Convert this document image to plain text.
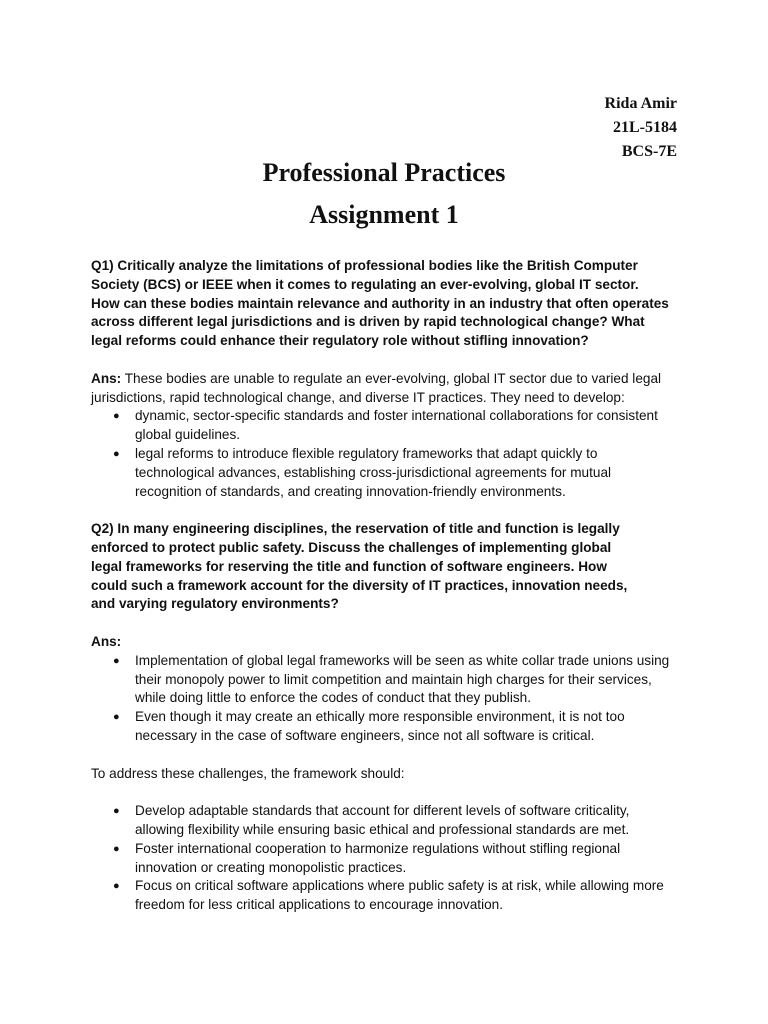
Rida Amir
21L-5184
BCS-7E
Professional Practices
Assignment 1

Q1) Critically analyze the limitations of professional bodies like the British Computer
Society (BCS) or IEEE when it comes to regulating an ever-evolving, global IT sector.
How can these bodies maintain relevance and authority in an industry that often operates
across different legal jurisdictions and is driven by rapid technological change? What
legal reforms could enhance their regulatory role without stifling innovation?

Ans: These bodies are unable to regulate an ever-evolving, global IT sector due to varied legal
jurisdictions, rapid technological change, and diverse IT practices. They need to develop:

● dynamic, sector-specific standards and foster international collaborations for consistent
global guidelines.
● legal reforms to introduce flexible regulatory frameworks that adapt quickly to
technological advances, establishing cross-jurisdictional agreements for mutual
recognition of standards, and creating innovation-friendly environments.

Q2) In many engineering disciplines, the reservation of title and function is legally
enforced to protect public safety. Discuss the challenges of implementing global
legal frameworks for reserving the title and function of software engineers. How
could such a framework account for the diversity of IT practices, innovation needs,
and varying regulatory environments?

Ans:

● Implementation of global legal frameworks will be seen as white collar trade unions using
their monopoly power to limit competition and maintain high charges for their services,
while doing little to enforce the codes of conduct that they publish.
● Even though it may create an ethically more responsible environment, it is not too
necessary in the case of software engineers, since not all software is critical.

To address these challenges, the framework should:

● Develop adaptable standards that account for different levels of software criticality,
allowing flexibility while ensuring basic ethical and professional standards are met.
● Foster international cooperation to harmonize regulations without stifling regional
innovation or creating monopolistic practices.
● Focus on critical software applications where public safety is at risk, while allowing more
freedom for less critical applications to encourage innovation.
